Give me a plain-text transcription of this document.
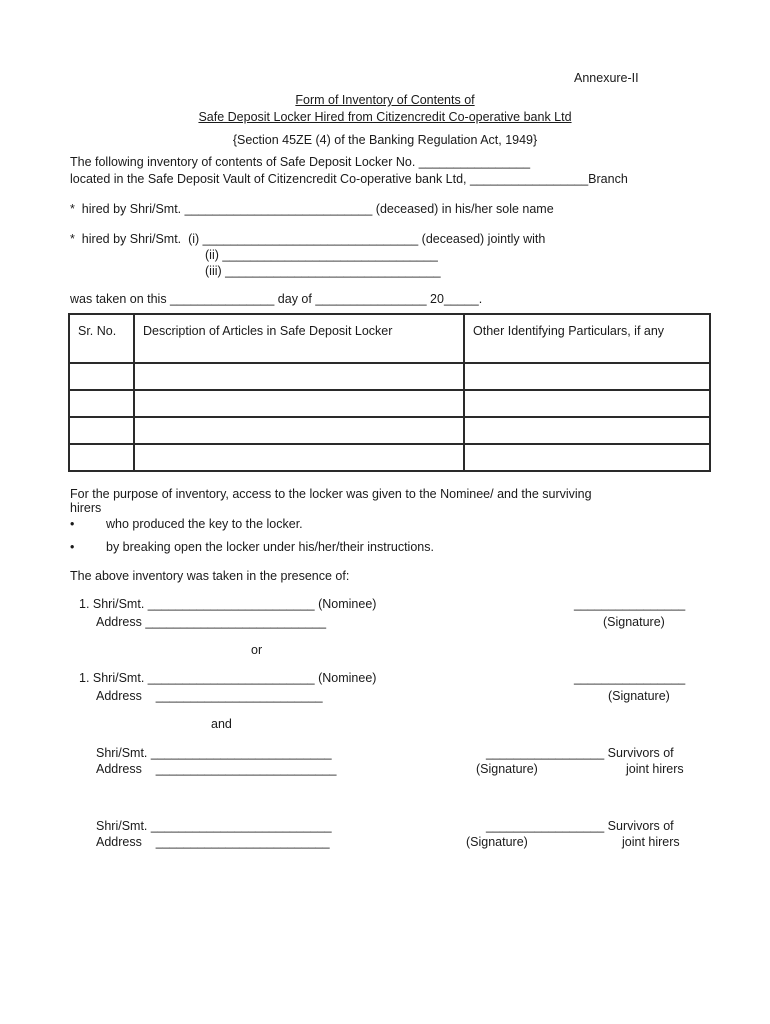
Annexure-II
Form of Inventory of Contents of
Safe Deposit Locker Hired from Citizencredit Co-operative bank Ltd
{Section 45ZE (4) of the Banking Regulation Act, 1949}
The following inventory of contents of Safe Deposit Locker No. ________________
located in the Safe Deposit Vault of Citizencredit Co-operative bank Ltd, _________________Branch
*  hired by Shri/Smt. ___________________________ (deceased) in his/her sole name
*  hired by Shri/Smt.  (i) _______________________________ (deceased) jointly with
(ii) _______________________________
(iii) _______________________________
was taken on this _______________ day of ________________ 20_____.
Sr. No.	Description of Articles in Safe Deposit Locker	Other Identifying Particulars, if any

For the purpose of inventory, access to the locker was given to the Nominee/ and the surviving
hirers
•	who produced the key to the locker.
•	by breaking open the locker under his/her/their instructions.
The above inventory was taken in the presence of:
1. Shri/Smt. ________________________ (Nominee)
Address __________________________
________________
(Signature)
or
1. Shri/Smt. ________________________ (Nominee)
Address    ________________________
________________
(Signature)
and
Shri/Smt. __________________________
Address    __________________________
_________________ Survivors of
(Signature)	joint hirers
Shri/Smt. __________________________
Address    _________________________
_________________ Survivors of
(Signature)	joint hirers
